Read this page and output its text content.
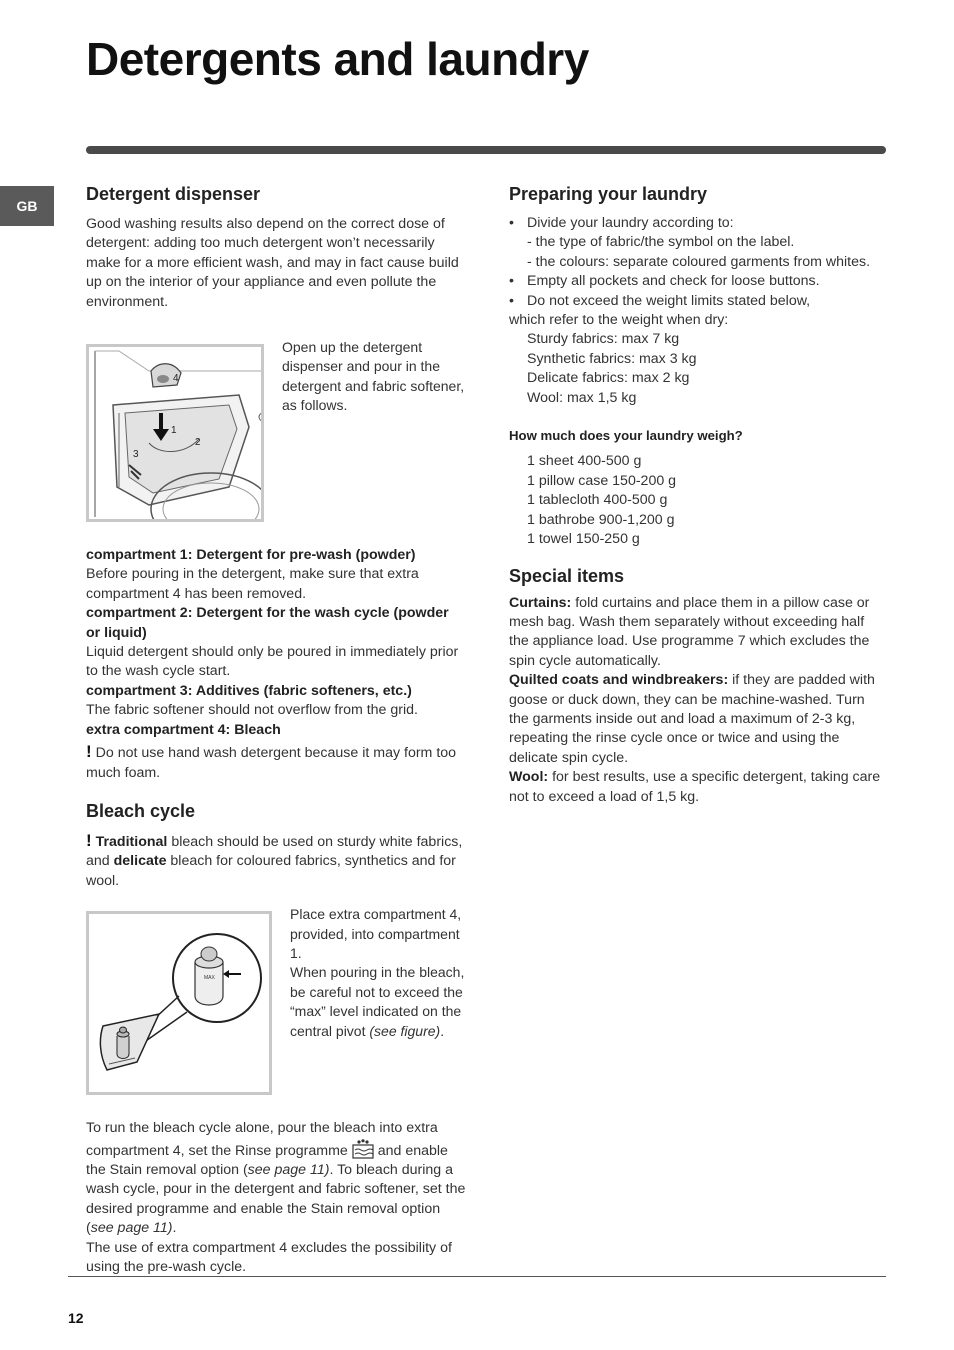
Detergents and laundry
GB
Detergent dispenser

Good washing results also depend on the correct dose of detergent: adding too much detergent won’t necessarily make for a more efficient wash, and may in fact cause build up on the interior of your appliance and even pollute the environment.

4
1
2
3

Open up the detergent dispenser and pour in the detergent and fabric softener, as follows.

compartment 1: Detergent for pre-wash (powder)

Before pouring in the detergent, make sure that extra compartment 4 has been removed.

compartment 2: Detergent for the wash cycle (powder or liquid)

Liquid detergent should only be poured in immediately prior to the wash cycle start.

compartment 3: Additives (fabric softeners, etc.)

The fabric softener should not overflow from the grid.

extra compartment 4: Bleach

! Do not use hand wash detergent because it may form too much foam.

Bleach cycle

! Traditional bleach should be used on sturdy white fabrics, and delicate bleach for coloured fabrics, synthetics and for wool.

MAX

Place extra compartment 4, provided, into compartment 1.

When pouring in the bleach, be careful not to exceed the “max” level indicated on the central pivot (see figure).

To run the bleach cycle alone, pour the bleach into extra compartment 4, set the Rinse programme and enable the Stain removal option (see page 11). To bleach during a wash cycle, pour in the detergent and fabric softener, set the desired programme and enable the Stain removal option (see page 11).

The use of extra compartment 4 excludes the possibility of using the pre-wash cycle.

Preparing your laundry
• Divide your laundry according to:
- the type of fabric/the symbol on the label.
- the colours: separate coloured garments from whites.
• Empty all pockets and check for loose buttons.
• Do not exceed the weight limits stated below,

which refer to the weight when dry:

Sturdy fabrics: max 7 kg

Synthetic fabrics: max 3 kg

Delicate fabrics: max 2 kg

Wool: max 1,5 kg

How much does your laundry weigh?

1 sheet 400-500 g

1 pillow case 150-200 g

1 tablecloth 400-500 g

1 bathrobe 900-1,200 g

1 towel 150-250 g

Special items

Curtains: fold curtains and place them in a pillow case or mesh bag. Wash them separately without exceeding half the appliance load. Use programme 7 which excludes the spin cycle automatically.

Quilted coats and windbreakers: if they are padded with goose or duck down, they can be machine-washed. Turn the garments inside out and load a maximum of 2-3 kg, repeating the rinse cycle once or twice and using the delicate spin cycle.

Wool: for best results, use a specific detergent, taking care not to exceed a load of 1,5 kg.

12
